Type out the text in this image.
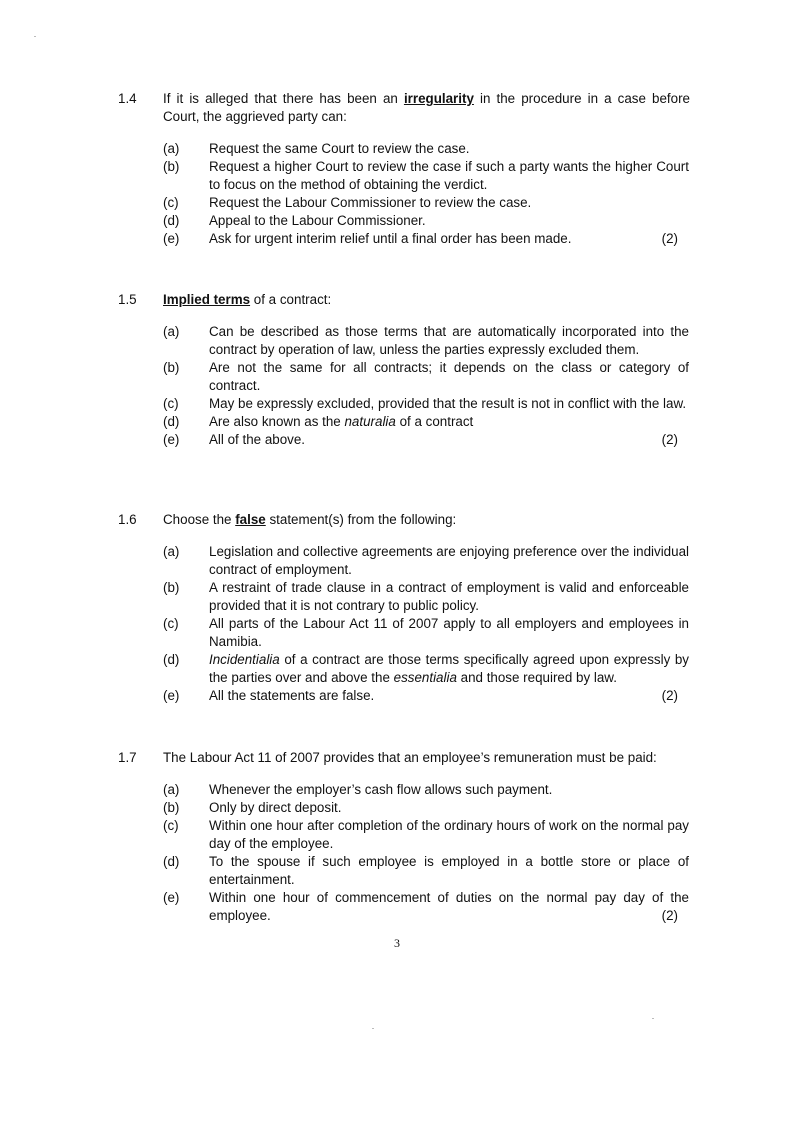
1.4	If it is alleged that there has been an irregularity in the procedure in a case before Court, the aggrieved party can:
(a) Request the same Court to review the case.
(b) Request a higher Court to review the case if such a party wants the higher Court to focus on the method of obtaining the verdict.
(c) Request the Labour Commissioner to review the case.
(d) Appeal to the Labour Commissioner.
(e) Ask for urgent interim relief until a final order has been made.	(2)
1.5	Implied terms of a contract:
(a) Can be described as those terms that are automatically incorporated into the contract by operation of law, unless the parties expressly excluded them.
(b) Are not the same for all contracts; it depends on the class or category of contract.
(c) May be expressly excluded, provided that the result is not in conflict with the law.
(d) Are also known as the naturalia of a contract
(e) All of the above.	(2)
1.6	Choose the false statement(s) from the following:
(a) Legislation and collective agreements are enjoying preference over the individual contract of employment.
(b) A restraint of trade clause in a contract of employment is valid and enforceable provided that it is not contrary to public policy.
(c) All parts of the Labour Act 11 of 2007 apply to all employers and employees in Namibia.
(d) Incidentialia of a contract are those terms specifically agreed upon expressly by the parties over and above the essentialia and those required by law.
(e) All the statements are false.	(2)
1.7	The Labour Act 11 of 2007 provides that an employee’s remuneration must be paid:
(a) Whenever the employer’s cash flow allows such payment.
(b) Only by direct deposit.
(c) Within one hour after completion of the ordinary hours of work on the normal pay day of the employee.
(d) To the spouse if such employee is employed in a bottle store or place of entertainment.
(e) Within one hour of commencement of duties on the normal pay day of the employee.	(2)
3
